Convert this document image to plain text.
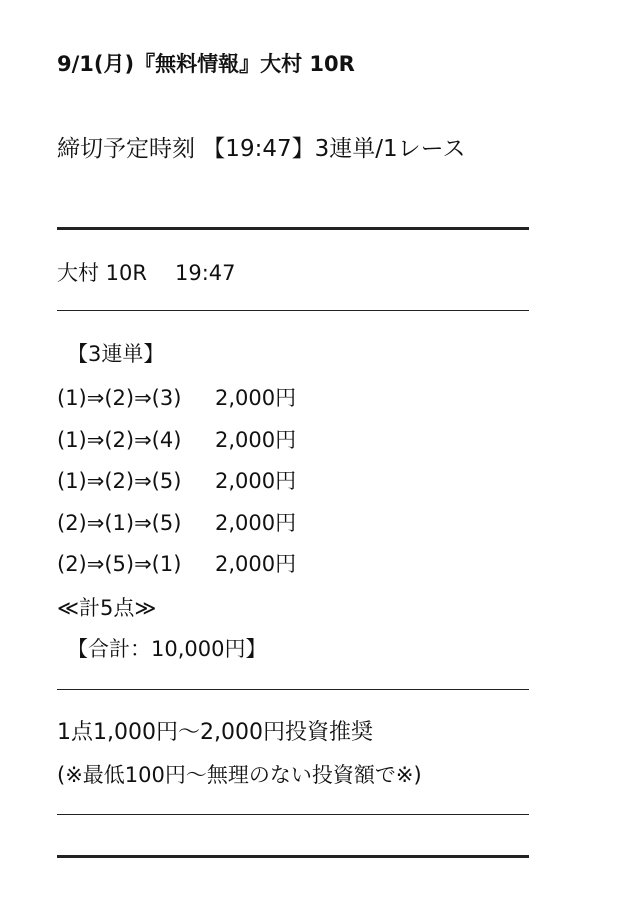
9/1(月)『無料情報』大村 10R
締切予定時刻 【19:47】3連単/1レース
大村 10R 19:47
【3連単】
(1)⇒(2)⇒(3) 2,000円
(1)⇒(2)⇒(4) 2,000円
(1)⇒(2)⇒(5) 2,000円
(2)⇒(1)⇒(5) 2,000円
(2)⇒(5)⇒(1) 2,000円
≪計5点≫
【合計：10,000円】
1点1,000円〜2,000円投資推奨
(※最低100円〜無理のない投資額で※)
